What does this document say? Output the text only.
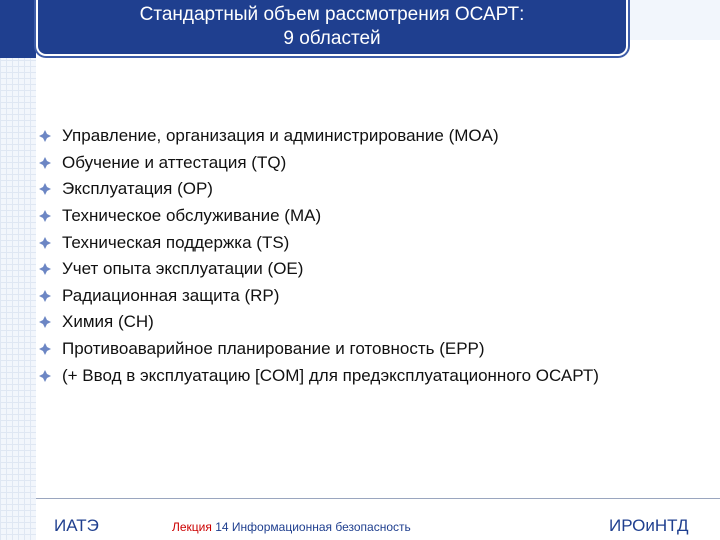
Стандартный объем рассмотрения ОСАРТ:
9 областей
Управление, организация и администрирование (MOA)
Обучение и аттестация (TQ)
Эксплуатация (OP)
Техническое обслуживание (MA)
Техническая поддержка (TS)
Учет опыта эксплуатации (OE)
Радиационная защита (RP)
Химия (CH)
Противоаварийное планирование и готовность (EPP)
(+ Ввод в эксплуатацию [COM] для предэксплуатационного ОСАРТ)
ИАТЭ	Лекция 14 Информационная безопасность	ИРОиНТД
